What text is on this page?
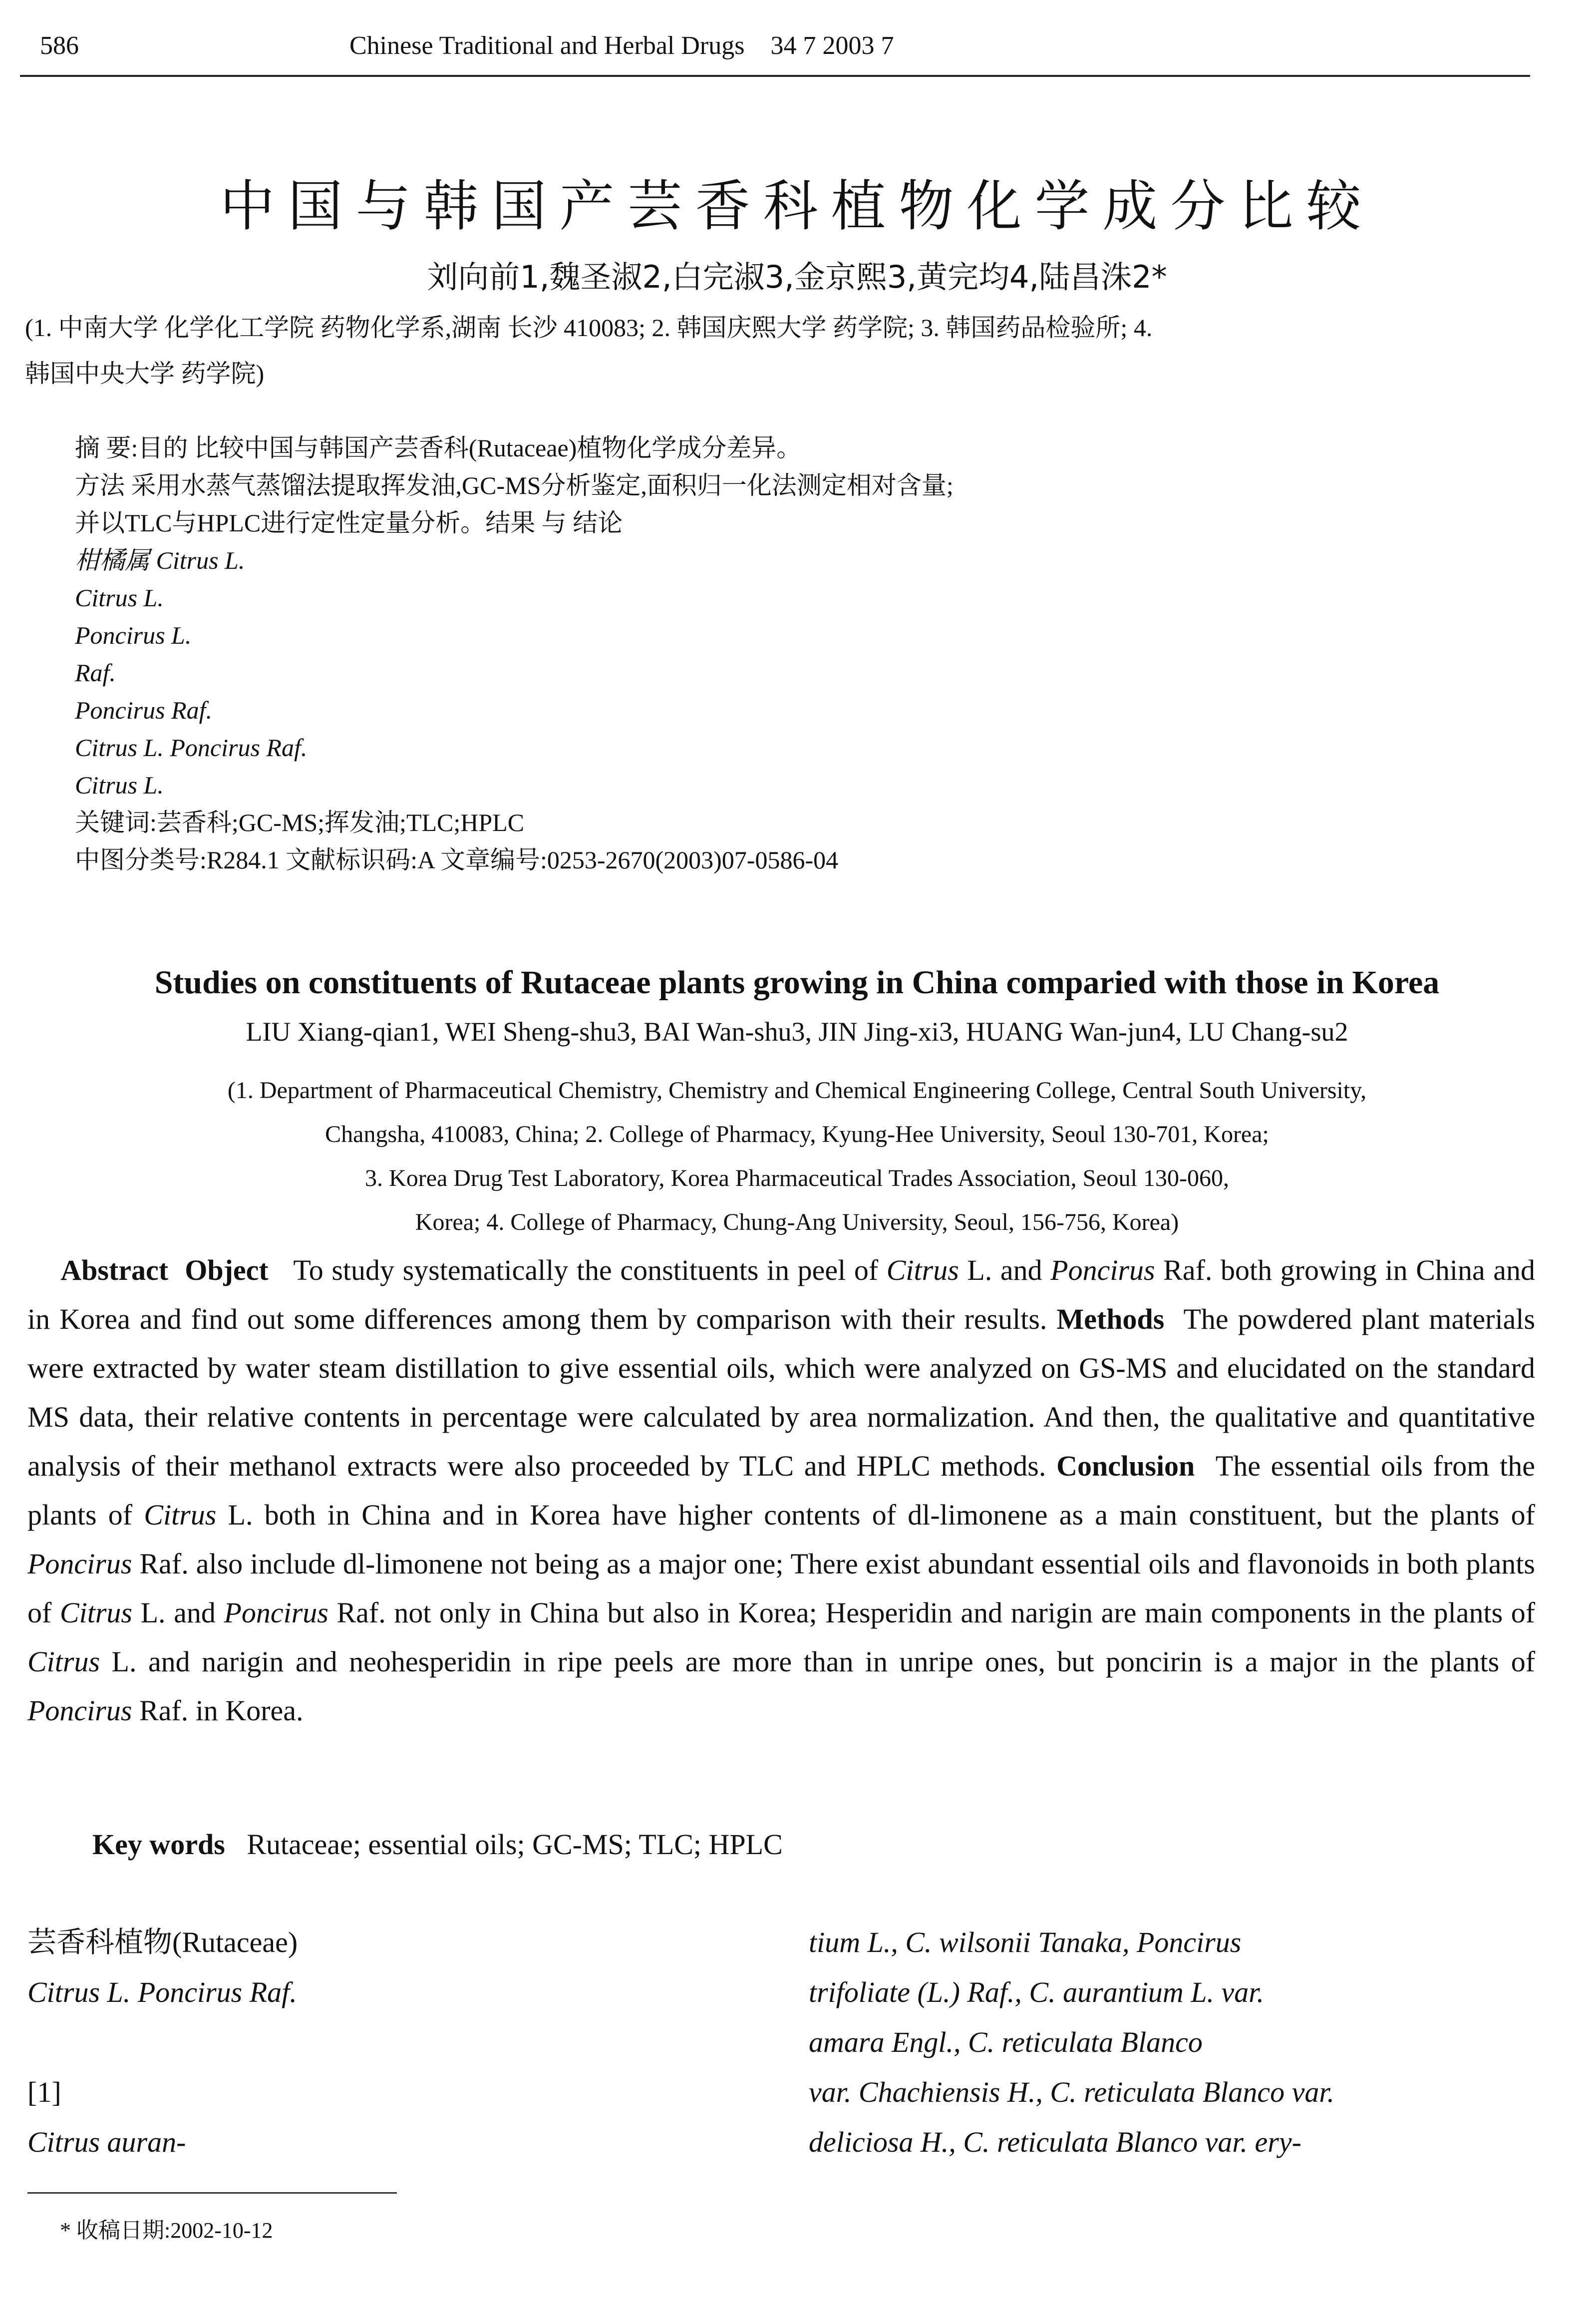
586	Chinese Traditional and Herbal Drugs 34 7 2003 7
中国与韩国产芸香科植物化学成分比较
刘向前1,魏圣淑2,白完淑3,金京熙3,黄完均4,陆昌洙2*
(1. 中南大学 化学化工学院 药物化学系,湖南 长沙 410083; 2. 韩国庆熙大学 药学院; 3. 韩国药品检验所; 4.
韩国中央大学 药学院)
摘 要:目的 比较中国与韩国产芸香科(Rutaceae)植物化学成分差异。
方法 采用水蒸气蒸馏法提取挥发油,GC-MS分析鉴定,面积归一化法测定相对含量;
并以TLC与HPLC进行定性定量分析。结果 与 结论
柑橘属 Citrus L.
Citrus L.
Poncirus L.
Raf.
Poncirus Raf.
Citrus L. Poncirus Raf.
Citrus L.
关键词:芸香科;GC-MS;挥发油;TLC;HPLC
中图分类号:R284.1 文献标识码:A 文章编号:0253-2670(2003)07-0586-04
Studies on constituents of Rutaceae plants growing in China comparied with those in Korea
LIU Xiang-qian1, WEI Sheng-shu3, BAI Wan-shu3, JIN Jing-xi3, HUANG Wan-jun4, LU Chang-su2
(1. Department of Pharmaceutical Chemistry, Chemistry and Chemical Engineering College, Central South University,
Changsha, 410083, China; 2. College of Pharmacy, Kyung-Hee University, Seoul 130-701, Korea;
3. Korea Drug Test Laboratory, Korea Pharmaceutical Trades Association, Seoul 130-060,
Korea; 4. College of Pharmacy, Chung-Ang University, Seoul, 156-756, Korea)

Abstract Object To study systematically the constituents in peel of Citrus L. and Poncirus Raf. both growing in China and in Korea and find out some differences among them by comparison with their results. Methods The powdered plant materials were extracted by water steam distillation to give essential oils, which were analyzed on GS-MS and elucidated on the standard MS data, their relative contents in percentage were calculated by area normalization. And then, the qualitative and quantitative analysis of their methanol extracts were also proceeded by TLC and HPLC methods. Conclusion The essential oils from the plants of Citrus L. both in China and in Korea have higher contents of dl-limonene as a main constituent, but the plants of Poncirus Raf. also include dl-limonene not being as a major one; There exist abundant essential oils and flavonoids in both plants of Citrus L. and Poncirus Raf. not only in China but also in Korea; Hesperidin and narigin are main components in the plants of Citrus L. and narigin and neohesperidin in ripe peels are more than in unripe ones, but poncirin is a major in the plants of Poncirus Raf. in Korea.

Key words Rutaceae; essential oils; GC-MS; TLC; HPLC

芸香科植物(Rutaceae)

Citrus L. Poncirus Raf.

[1]

Citrus auran-

tium L., C. wilsonii Tanaka, Poncirus

trifoliate (L.) Raf., C. aurantium L. var.

amara Engl., C. reticulata Blanco

var. Chachiensis H., C. reticulata Blanco var.

deliciosa H., C. reticulata Blanco var. ery-

* 收稿日期:2002-10-12
